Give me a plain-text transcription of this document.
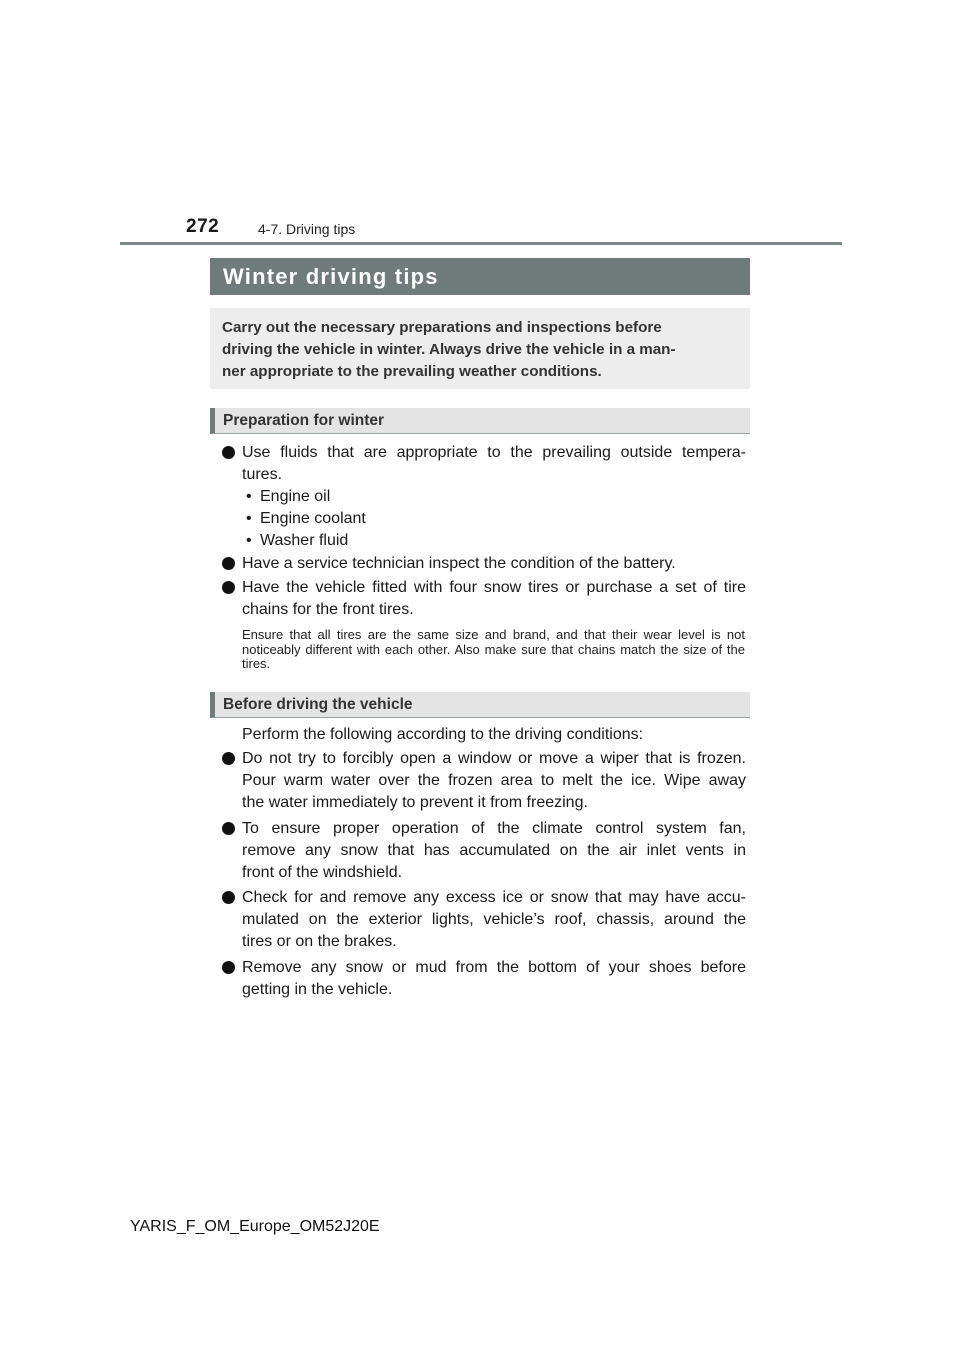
272	4-7. Driving tips
Winter driving tips
Carry out the necessary preparations and inspections before
driving the vehicle in winter. Always drive the vehicle in a man-
ner appropriate to the prevailing weather conditions.
Preparation for winter
Use fluids that are appropriate to the prevailing outside tempera-
tures.
• Engine oil
• Engine coolant
• Washer fluid
Have a service technician inspect the condition of the battery.
Have the vehicle fitted with four snow tires or purchase a set of tire
chains for the front tires.
Ensure that all tires are the same size and brand, and that their wear level is not noticeably different with each other. Also make sure that chains match the size of the tires.
Before driving the vehicle
Perform the following according to the driving conditions:
Do not try to forcibly open a window or move a wiper that is frozen.
Pour warm water over the frozen area to melt the ice. Wipe away
the water immediately to prevent it from freezing.
To ensure proper operation of the climate control system fan,
remove any snow that has accumulated on the air inlet vents in
front of the windshield.
Check for and remove any excess ice or snow that may have accu-
mulated on the exterior lights, vehicle’s roof, chassis, around the
tires or on the brakes.
Remove any snow or mud from the bottom of your shoes before
getting in the vehicle.
YARIS_F_OM_Europe_OM52J20E
